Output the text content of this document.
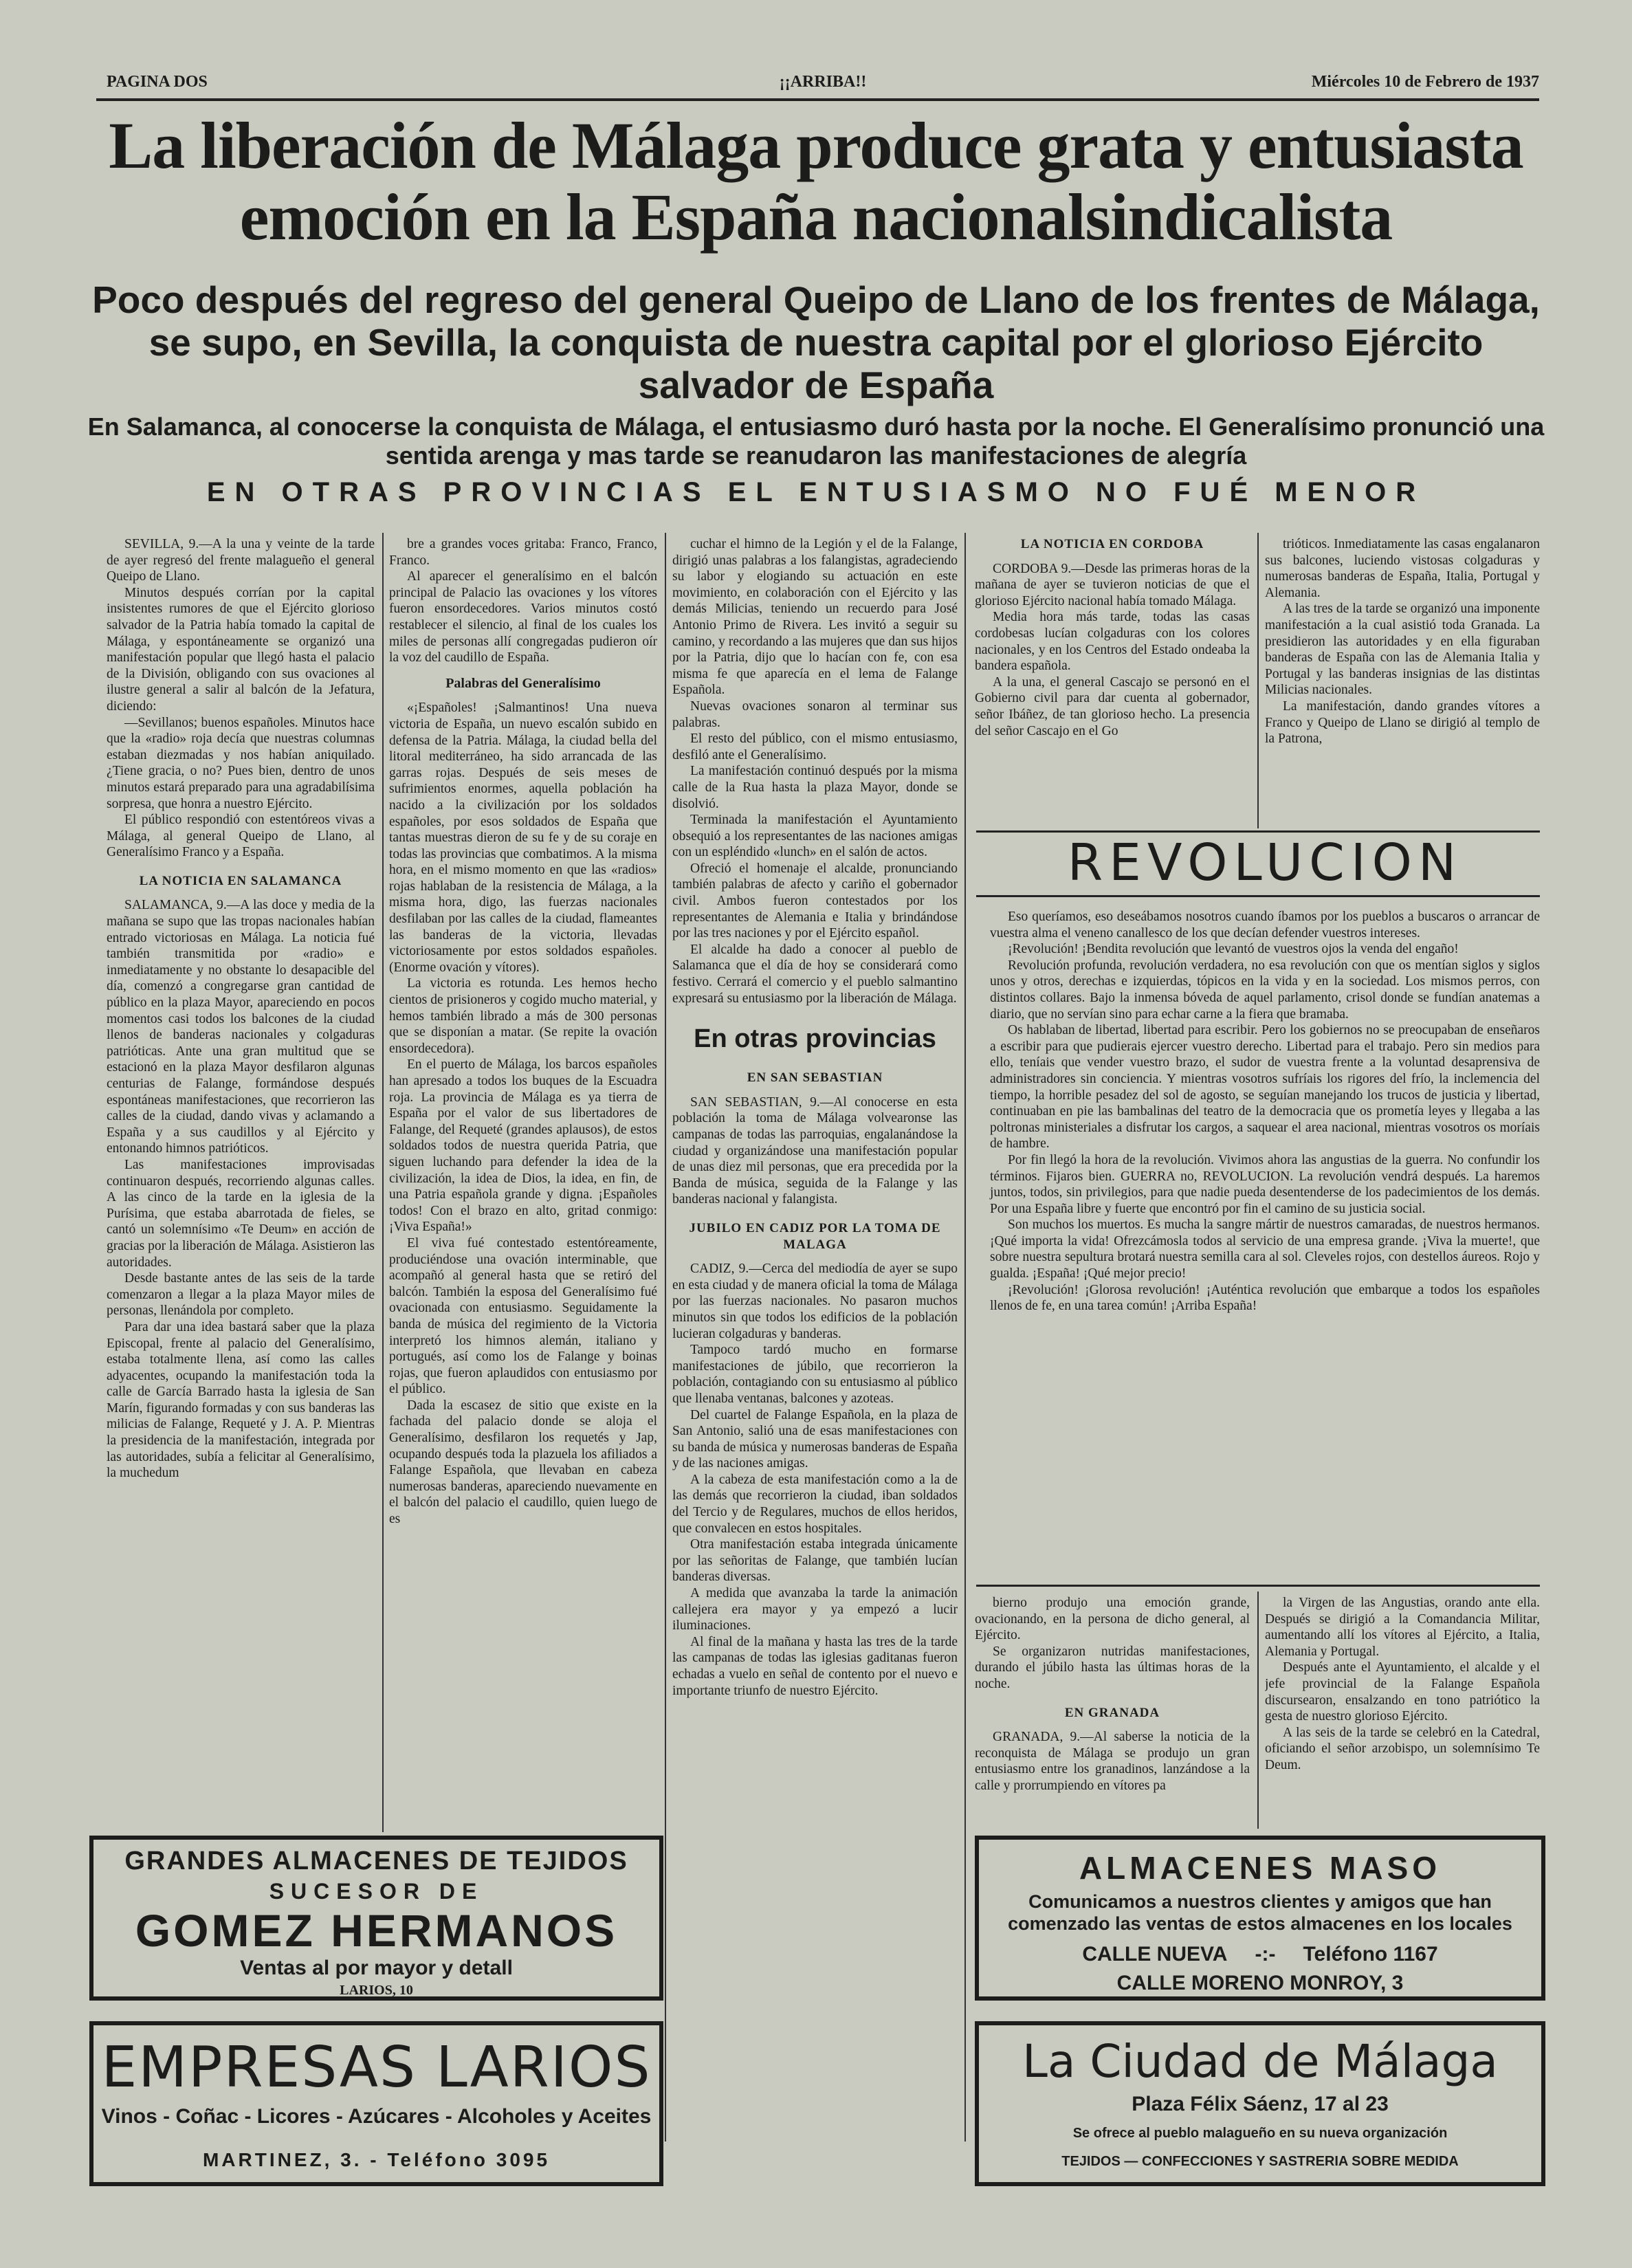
PAGINA DOS	¡¡ARRIBA!!	Miércoles 10 de Febrero de 1937
La liberación de Málaga produce grata y entusiasta emoción en la España nacionalsindicalista
Poco después del regreso del general Queipo de Llano de los frentes de Málaga, se supo, en Sevilla, la conquista de nuestra capital por el glorioso Ejército salvador de España
En Salamanca, al conocerse la conquista de Málaga, el entusiasmo duró hasta por la noche. El Generalísimo pronunció una sentida arenga y mas tarde se reanudaron las manifestaciones de alegría
EN OTRAS PROVINCIAS EL ENTUSIASMO NO FUÉ MENOR

SEVILLA, 9.—A la una y veinte de la tarde de ayer regresó del frente malagueño el general Queipo de Llano.

Minutos después corrían por la capital insistentes rumores de que el Ejército glorioso salvador de la Patria había tomado la capital de Málaga, y espontáneamente se organizó una manifestación popular que llegó hasta el palacio de la División, obligando con sus ovaciones al ilustre general a salir al balcón de la Jefatura, diciendo:

—Sevillanos; buenos españoles. Minutos hace que la «radio» roja decía que nuestras columnas estaban diezmadas y nos habían aniquilado. ¿Tiene gracia, o no? Pues bien, dentro de unos minutos estará preparado para una agradabilísima sorpresa, que honra a nuestro Ejército.

El público respondió con estentóreos vivas a Málaga, al general Queipo de Llano, al Generalísimo Franco y a España.

LA NOTICIA EN SALAMANCA

SALAMANCA, 9.—A las doce y media de la mañana se supo que las tropas nacionales habían entrado victoriosas en Málaga. La noticia fué también transmitida por «radio» e inmediatamente y no obstante lo desapacible del día, comenzó a congregarse gran cantidad de público en la plaza Mayor, apareciendo en pocos momentos casi todos los balcones de la ciudad llenos de banderas nacionales y colgaduras patrióticas. Ante una gran multitud que se estacionó en la plaza Mayor desfilaron algunas centurias de Falange, formándose después espontáneas manifestaciones, que recorrieron las calles de la ciudad, dando vivas y aclamando a España y a sus caudillos y al Ejército y entonando himnos patrióticos.

Las manifestaciones improvisadas continuaron después, recorriendo algunas calles. A las cinco de la tarde en la iglesia de la Purísima, que estaba abarrotada de fieles, se cantó un solemnísimo «Te Deum» en acción de gracias por la liberación de Málaga. Asistieron las autoridades.

Desde bastante antes de las seis de la tarde comenzaron a llegar a la plaza Mayor miles de personas, llenándola por completo.

Para dar una idea bastará saber que la plaza Episcopal, frente al palacio del Generalísimo, estaba totalmente llena, así como las calles adyacentes, ocupando la manifestación toda la calle de García Barrado hasta la iglesia de San Marín, figurando formadas y con sus banderas las milicias de Falange, Requeté y J. A. P. Mientras la presidencia de la manifestación, integrada por las autoridades, subía a felicitar al Generalísimo, la muchedum

bre a grandes voces gritaba: Franco, Franco, Franco.

Al aparecer el generalísimo en el balcón principal de Palacio las ovaciones y los vítores fueron ensordecedores. Varios minutos costó restablecer el silencio, al final de los cuales los miles de personas allí congregadas pudieron oír la voz del caudillo de España.

Palabras del Generalísimo

«¡Españoles! ¡Salmantinos! Una nueva victoria de España, un nuevo escalón subido en defensa de la Patria. Málaga, la ciudad bella del litoral mediterráneo, ha sido arrancada de las garras rojas. Después de seis meses de sufrimientos enormes, aquella población ha nacido a la civilización por los soldados españoles, por esos soldados de España que tantas muestras dieron de su fe y de su coraje en todas las provincias que combatimos. A la misma hora, en el mismo momento en que las «radios» rojas hablaban de la resistencia de Málaga, a la misma hora, digo, las fuerzas nacionales desfilaban por las calles de la ciudad, flameantes las banderas de la victoria, llevadas victoriosamente por estos soldados españoles. (Enorme ovación y vítores).

La victoria es rotunda. Les hemos hecho cientos de prisioneros y cogido mucho material, y hemos también librado a más de 300 personas que se disponían a matar. (Se repite la ovación ensordecedora).

En el puerto de Málaga, los barcos españoles han apresado a todos los buques de la Escuadra roja. La provincia de Málaga es ya tierra de España por el valor de sus libertadores de Falange, del Requeté (grandes aplausos), de estos soldados todos de nuestra querida Patria, que siguen luchando para defender la idea de la civilización, la idea de Dios, la idea, en fin, de una Patria española grande y digna. ¡Españoles todos! Con el brazo en alto, gritad conmigo: ¡Viva España!»

El viva fué contestado estentóreamente, produciéndose una ovación interminable, que acompañó al general hasta que se retiró del balcón. También la esposa del Generalísimo fué ovacionada con entusiasmo. Seguidamente la banda de música del regimiento de la Victoria interpretó los himnos alemán, italiano y portugués, así como los de Falange y boinas rojas, que fueron aplaudidos con entusiasmo por el público.

Dada la escasez de sitio que existe en la fachada del palacio donde se aloja el Generalísimo, desfilaron los requetés y Jap, ocupando después toda la plazuela los afiliados a Falange Española, que llevaban en cabeza numerosas banderas, apareciendo nuevamente en el balcón del palacio el caudillo, quien luego de es

cuchar el himno de la Legión y el de la Falange, dirigió unas palabras a los falangistas, agradeciendo su labor y elogiando su actuación en este movimiento, en colaboración con el Ejército y las demás Milicias, teniendo un recuerdo para José Antonio Primo de Rivera. Les invitó a seguir su camino, y recordando a las mujeres que dan sus hijos por la Patria, dijo que lo hacían con fe, con esa misma fe que aparecía en el lema de Falange Española.

Nuevas ovaciones sonaron al terminar sus palabras.

El resto del público, con el mismo entusiasmo, desfiló ante el Generalísimo.

La manifestación continuó después por la misma calle de la Rua hasta la plaza Mayor, donde se disolvió.

Terminada la manifestación el Ayuntamiento obsequió a los representantes de las naciones amigas con un espléndido «lunch» en el salón de actos.

Ofreció el homenaje el alcalde, pronunciando también palabras de afecto y cariño el gobernador civil. Ambos fueron contestados por los representantes de Alemania e Italia y brindándose por las tres naciones y por el Ejército español.

El alcalde ha dado a conocer al pueblo de Salamanca que el día de hoy se considerará como festivo. Cerrará el comercio y el pueblo salmantino expresará su entusiasmo por la liberación de Málaga.

En otras provincias

EN SAN SEBASTIAN

SAN SEBASTIAN, 9.—Al conocerse en esta población la toma de Málaga volvearonse las campanas de todas las parroquias, engalanándose la ciudad y organizándose una manifestación popular de unas diez mil personas, que era precedida por la Banda de música, seguida de la Falange y las banderas nacional y falangista.

JUBILO EN CADIZ POR LA TOMA DE MALAGA

CADIZ, 9.—Cerca del mediodía de ayer se supo en esta ciudad y de manera oficial la toma de Málaga por las fuerzas nacionales. No pasaron muchos minutos sin que todos los edificios de la población lucieran colgaduras y banderas.

Tampoco tardó mucho en formarse manifestaciones de júbilo, que recorrieron la población, contagiando con su entusiasmo al público que llenaba ventanas, balcones y azoteas.

Del cuartel de Falange Española, en la plaza de San Antonio, salió una de esas manifestaciones con su banda de música y numerosas banderas de España y de las naciones amigas.

A la cabeza de esta manifestación como a la de las demás que recorrieron la ciudad, iban soldados del Tercio y de Regulares, muchos de ellos heridos, que convalecen en estos hospitales.

Otra manifestación estaba integrada únicamente por las señoritas de Falange, que también lucían banderas diversas.

A medida que avanzaba la tarde la animación callejera era mayor y ya empezó a lucir iluminaciones.

Al final de la mañana y hasta las tres de la tarde las campanas de todas las iglesias gaditanas fueron echadas a vuelo en señal de contento por el nuevo e importante triunfo de nuestro Ejército.

LA NOTICIA EN CORDOBA

CORDOBA 9.—Desde las primeras horas de la mañana de ayer se tuvieron noticias de que el glorioso Ejército nacional había tomado Málaga.

Media hora más tarde, todas las casas cordobesas lucían colgaduras con los colores nacionales, y en los Centros del Estado ondeaba la bandera española.

A la una, el general Cascajo se personó en el Gobierno civil para dar cuenta al gobernador, señor Ibáñez, de tan glorioso hecho. La presencia del señor Cascajo en el Go

trióticos. Inmediatamente las casas engalanaron sus balcones, luciendo vistosas colgaduras y numerosas banderas de España, Italia, Portugal y Alemania.

A las tres de la tarde se organizó una imponente manifestación a la cual asistió toda Granada. La presidieron las autoridades y en ella figuraban banderas de España con las de Alemania Italia y Portugal y las banderas insignias de las distintas Milicias nacionales.

La manifestación, dando grandes vítores a Franco y Queipo de Llano se dirigió al templo de la Patrona,

REVOLUCION

Eso queríamos, eso deseábamos nosotros cuando íbamos por los pueblos a buscaros o arrancar de vuestra alma el veneno canallesco de los que decían defender vuestros intereses.

¡Revolución! ¡Bendita revolución que levantó de vuestros ojos la venda del engaño!

Revolución profunda, revolución verdadera, no esa revolución con que os mentían siglos y siglos unos y otros, derechas e izquierdas, tópicos en la vida y en la sociedad. Los mismos perros, con distintos collares. Bajo la inmensa bóveda de aquel parlamento, crisol donde se fundían anatemas a diario, que no servían sino para echar carne a la fiera que bramaba.

Os hablaban de libertad, libertad para escribir. Pero los gobiernos no se preocupaban de enseñaros a escribir para que pudierais ejercer vuestro derecho. Libertad para el trabajo. Pero sin medios para ello, teníais que vender vuestro brazo, el sudor de vuestra frente a la voluntad desaprensiva de administradores sin conciencia. Y mientras vosotros sufríais los rigores del frío, la inclemencia del tiempo, la horrible pesadez del sol de agosto, se seguían manejando los trucos de justicia y libertad, continuaban en pie las bambalinas del teatro de la democracia que os prometía leyes y llegaba a las poltronas ministeriales a disfrutar los cargos, a saquear el area nacional, mientras vosotros os moríais de hambre.

Por fin llegó la hora de la revolución. Vivimos ahora las angustias de la guerra. No confundir los términos. Fijaros bien. GUERRA no, REVOLUCION. La revolución vendrá después. La haremos juntos, todos, sin privilegios, para que nadie pueda desentenderse de los padecimientos de los demás. Por una España libre y fuerte que encontró por fin el camino de su justicia social.

Son muchos los muertos. Es mucha la sangre mártir de nuestros camaradas, de nuestros hermanos. ¡Qué importa la vida! Ofrezcámosla todos al servicio de una empresa grande. ¡Viva la muerte!, que sobre nuestra sepultura brotará nuestra semilla cara al sol. Cleveles rojos, con destellos áureos. Rojo y gualda. ¡España! ¡Qué mejor precio!

¡Revolución! ¡Glorosa revolución! ¡Auténtica revolución que embarque a todos los españoles llenos de fe, en una tarea común! ¡Arriba España!

bierno produjo una emoción grande, ovacionando, en la persona de dicho general, al Ejército.

Se organizaron nutridas manifestaciones, durando el júbilo hasta las últimas horas de la noche.

EN GRANADA

GRANADA, 9.—Al saberse la noticia de la reconquista de Málaga se produjo un gran entusiasmo entre los granadinos, lanzándose a la calle y prorrumpiendo en vítores pa

la Virgen de las Angustias, orando ante ella. Después se dirigió a la Comandancia Militar, aumentando allí los vítores al Ejército, a Italia, Alemania y Portugal.

Después ante el Ayuntamiento, el alcalde y el jefe provincial de la Falange Española discursearon, ensalzando en tono patriótico la gesta de nuestro glorioso Ejército.

A las seis de la tarde se celebró en la Catedral, oficiando el señor arzobispo, un solemnísimo Te Deum.

GRANDES ALMACENES DE TEJIDOS
SUCESOR DE
GOMEZ HERMANOS
Ventas al por mayor y detall
LARIOS, 10
EMPRESAS LARIOS
Vinos - Coñac - Licores - Azúcares - Alcoholes y Aceites
MARTINEZ, 3. - Teléfono 3095
ALMACENES MASO
Comunicamos a nuestros clientes y amigos que han comenzado las ventas de estos almacenes en los locales
CALLE NUEVA -:- Teléfono 1167
CALLE MORENO MONROY, 3
La Ciudad de Málaga
Plaza Félix Sáenz, 17 al 23
Se ofrece al pueblo malagueño en su nueva organización
TEJIDOS — CONFECCIONES Y SASTRERIA SOBRE MEDIDA
